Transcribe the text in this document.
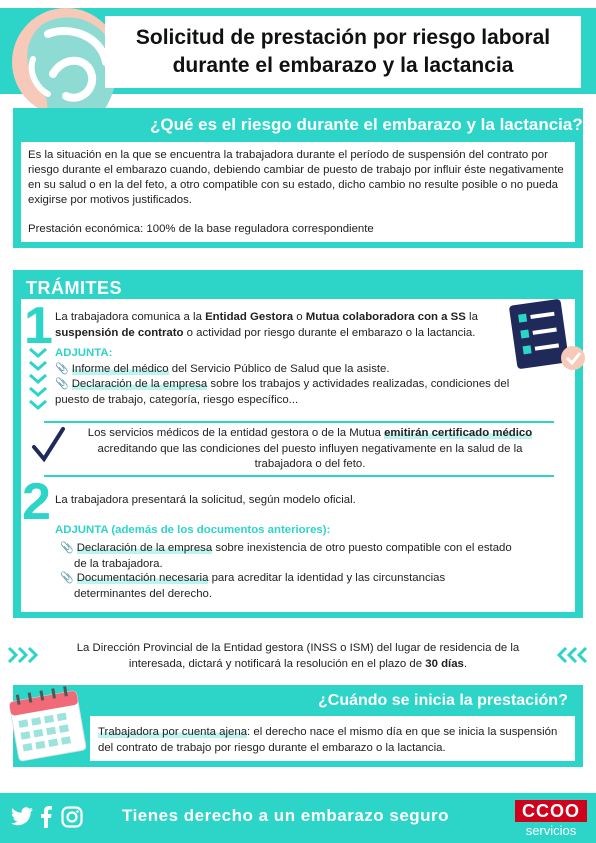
Solicitud de prestación por riesgo laboral
durante el embarazo y la lactancia
¿Qué es el riesgo durante el embarazo y la lactancia?
Es la situación en la que se encuentra la trabajadora durante el período de suspensión del contrato por riesgo durante el embarazo cuando, debiendo cambiar de puesto de trabajo por influir éste negativamente en su salud o en la del feto, a otro compatible con su estado, dicho cambio no resulte posible o no pueda exigirse por motivos justificados.
Prestación económica: 100% de la base reguladora correspondiente
TRÁMITES
1 La trabajadora comunica a la Entidad Gestora o Mutua colaboradora con a SS la suspensión de contrato o actividad por riesgo durante el embarazo o la lactancia.
ADJUNTA:
📎 Informe del médico del Servicio Público de Salud que la asiste.
📎 Declaración de la empresa sobre los trabajos y actividades realizadas, condiciones del puesto de trabajo, categoría, riesgo específico...
Los servicios médicos de la entidad gestora o de la Mutua emitirán certificado médico acreditando que las condiciones del puesto influyen negativamente en la salud de la trabajadora o del feto.
2 La trabajadora presentará la solicitud, según modelo oficial.
ADJUNTA (además de los documentos anteriores):
📎 Declaración de la empresa sobre inexistencia de otro puesto compatible con el estado
de la trabajadora.
📎 Documentación necesaria para acreditar la identidad y las circunstancias
determinantes del derecho.
La Dirección Provincial de la Entidad gestora (INSS o ISM) del lugar de residencia de la interesada, dictará y notificará la resolución en el plazo de 30 días.
¿Cuándo se inicia la prestación?
Trabajadora por cuenta ajena: el derecho nace el mismo día en que se inicia la suspensión del contrato de trabajo por riesgo durante el embarazo o la lactancia.
Tienes derecho a un embarazo seguro	CCOO
servicios
